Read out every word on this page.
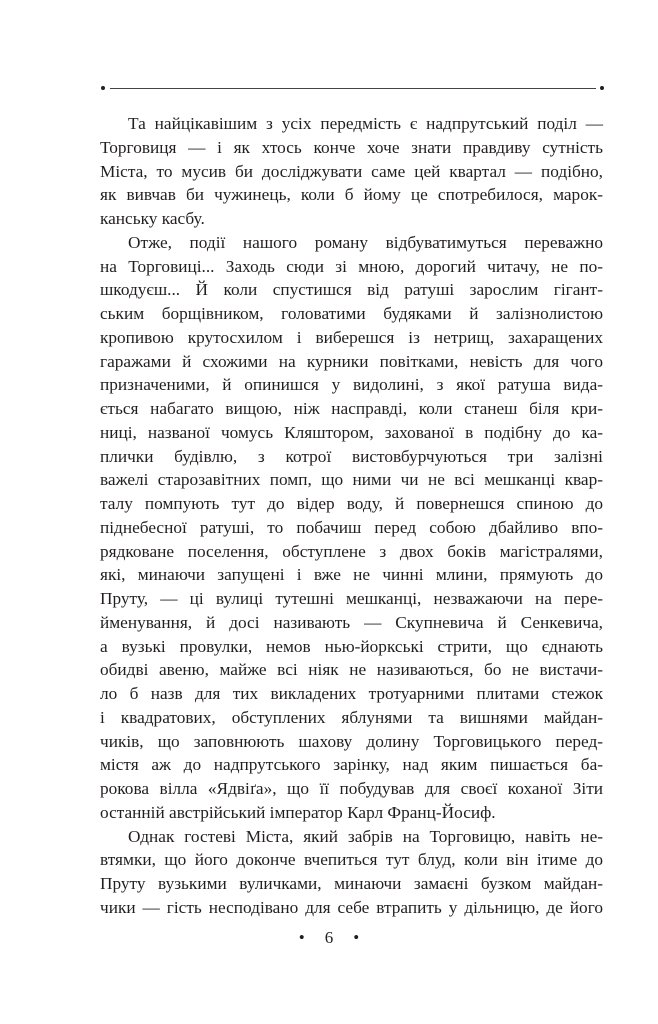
Та найцікавішим з усіх передмість є надпрутський поділ —
Торговиця — і як хтось конче хоче знати правдиву сутність
Міста, то мусив би досліджувати саме цей квартал — подібно,
як вивчав би чужинець, коли б йому це спотребилося, марок-
канську касбу.
Отже, події нашого роману відбуватимуться переважно
на Торговиці... Заходь сюди зі мною, дорогий читачу, не по-
шкодуєш... Й коли спустишся від ратуші зарослим гігант-
ським борщівником, головатими будяками й залізнолистою
кропивою крутосхилом і виберешся із нетрищ, захаращених
гаражами й схожими на курники повітками, невість для чого
призначеними, й опинишся у видолині, з якої ратуша вида-
ється набагато вищою, ніж насправді, коли станеш біля кри-
ниці, названої чомусь Кляштором, захованої в подібну до ка-
плички будівлю, з котрої вистовбурчуються три залізні
важелі старозавітних помп, що ними чи не всі мешканці квар-
талу помпують тут до відер воду, й повернешся спиною до
піднебесної ратуші, то побачиш перед собою дбайливо впо-
рядковане поселення, обступлене з двох боків магістралями,
які, минаючи запущені і вже не чинні млини, прямують до
Пруту, — ці вулиці тутешні мешканці, незважаючи на пере-
йменування, й досі називають — Скупневича й Сенкевича,
а вузькі провулки, немов нью-йоркські стрити, що єднають
обидві авеню, майже всі ніяк не називаються, бо не вистачи-
ло б назв для тих викладених тротуарними плитами стежок
і квадратових, обступлених яблунями та вишнями майдан-
чиків, що заповнюють шахову долину Торговицького перед-
містя аж до надпрутського зарінку, над яким пишається ба-
рокова вілла «Ядвіґа», що її побудував для своєї коханої Зіти
останній австрійський імператор Карл Франц-Йосиф.
Однак гостеві Міста, який забрів на Торговицю, навіть не-
втямки, що його доконче вчепиться тут блуд, коли він ітиме до
Пруту вузькими вуличками, минаючи замаєні бузком майдан-
чики — гість несподівано для себе втрапить у дільницю, де його
• 6 •
